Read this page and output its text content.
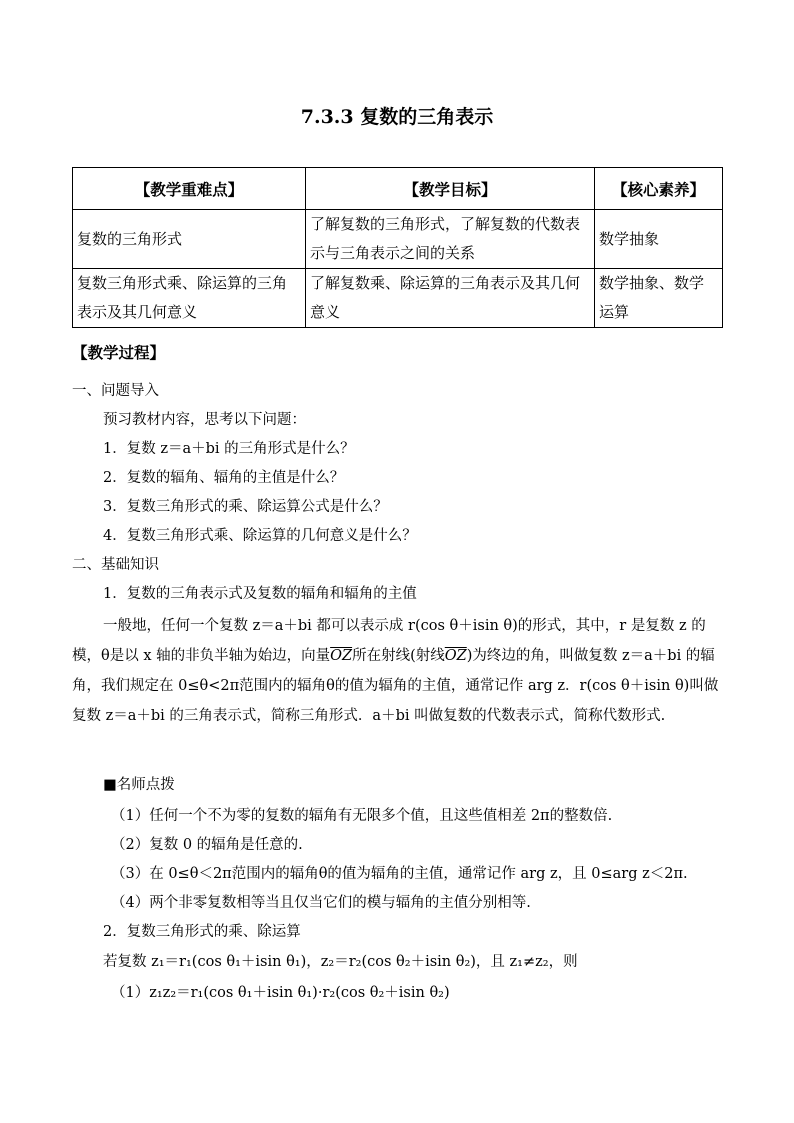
7.3.3 复数的三角表示
【教学重难点】	【教学目标】	【核心素养】
复数的三角形式	了解复数的三角形式，了解复数的代数表示与三角表示之间的关系	数学抽象
复数三角形式乘、除运算的三角表示及其几何意义	了解复数乘、除运算的三角表示及其几何意义	数学抽象、数学运算
【教学过程】
一、问题导入
预习教材内容，思考以下问题：
1．复数 z＝a＋bi 的三角形式是什么？
2．复数的辐角、辐角的主值是什么？
3．复数三角形式的乘、除运算公式是什么？
4．复数三角形式乘、除运算的几何意义是什么？
二、基础知识
1．复数的三角表示式及复数的辐角和辐角的主值
一般地，任何一个复数 z＝a＋bi 都可以表示成 r(cos θ＋isin θ)的形式，其中，r 是复数 z 的模，θ是以 x 轴的非负半轴为始边，向量$\overline{OZ}$所在射线(射线$\overline{OZ}$)为终边的角，叫做复数 z＝a＋bi 的辐角，我们规定在 0≤θ<2π范围内的辐角θ的值为辐角的主值，通常记作 arg z．r(cos θ＋isin θ)叫做复数 z＝a＋bi 的三角表示式，简称三角形式．a＋bi 叫做复数的代数表示式，简称代数形式.
■名师点拨
（1）任何一个不为零的复数的辐角有无限多个值，且这些值相差 2π的整数倍.
（2）复数 0 的辐角是任意的.
（3）在 0≤θ＜2π范围内的辐角θ的值为辐角的主值，通常记作 arg z，且 0≤arg z＜2π.
（4）两个非零复数相等当且仅当它们的模与辐角的主值分别相等.
2．复数三角形式的乘、除运算
若复数 z₁＝r₁(cos θ₁＋isin θ₁)，z₂＝r₂(cos θ₂＋isin θ₂)，且 z₁≠z₂，则
（1）z₁z₂＝r₁(cos θ₁＋isin θ₁)·r₂(cos θ₂＋isin θ₂)
